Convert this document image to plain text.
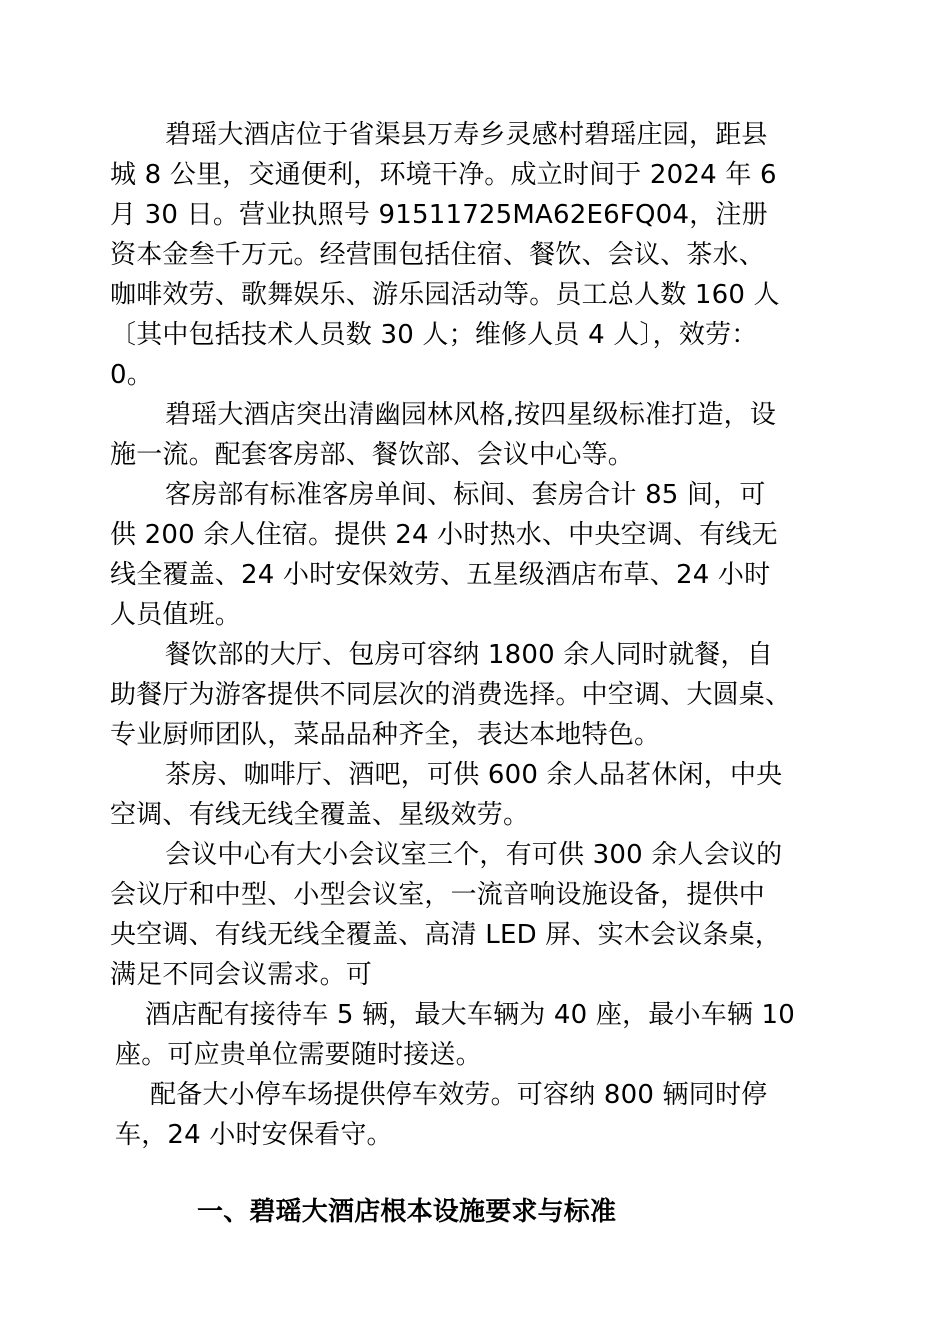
碧瑶大酒店位于省渠县万寿乡灵感村碧瑶庄园，距县
城 8 公里，交通便利，环境干净。成立时间于 2024 年 6
月 30 日。营业执照号 91511725MA62E6FQ04，注册
资本金叁千万元。经营围包括住宿、餐饮、会议、茶水、
咖啡效劳、歌舞娱乐、游乐园活动等。员工总人数 160 人
〔其中包括技术人员数 30 人；维修人员 4 人〕，效劳：
0。
碧瑶大酒店突出清幽园林风格,按四星级标准打造，设
施一流。配套客房部、餐饮部、会议中心等。
客房部有标准客房单间、标间、套房合计 85 间，可
供 200 余人住宿。提供 24 小时热水、中央空调、有线无
线全覆盖、24 小时安保效劳、五星级酒店布草、24 小时
人员值班。
餐饮部的大厅、包房可容纳 1800 余人同时就餐，自
助餐厅为游客提供不同层次的消费选择。中空调、大圆桌、
专业厨师团队，菜品品种齐全，表达本地特色。
茶房、咖啡厅、酒吧，可供 600 余人品茗休闲，中央
空调、有线无线全覆盖、星级效劳。
会议中心有大小会议室三个，有可供 300 余人会议的
会议厅和中型、小型会议室，一流音响设施设备，提供中
央空调、有线无线全覆盖、高清 LED 屏、实木会议条桌，
满足不同会议需求。可
酒店配有接待车 5 辆，最大车辆为 40 座，最小车辆 10
座。可应贵单位需要随时接送。
配备大小停车场提供停车效劳。可容纳 800 辆同时停
车，24 小时安保看守。
一、碧瑶大酒店根本设施要求与标准
